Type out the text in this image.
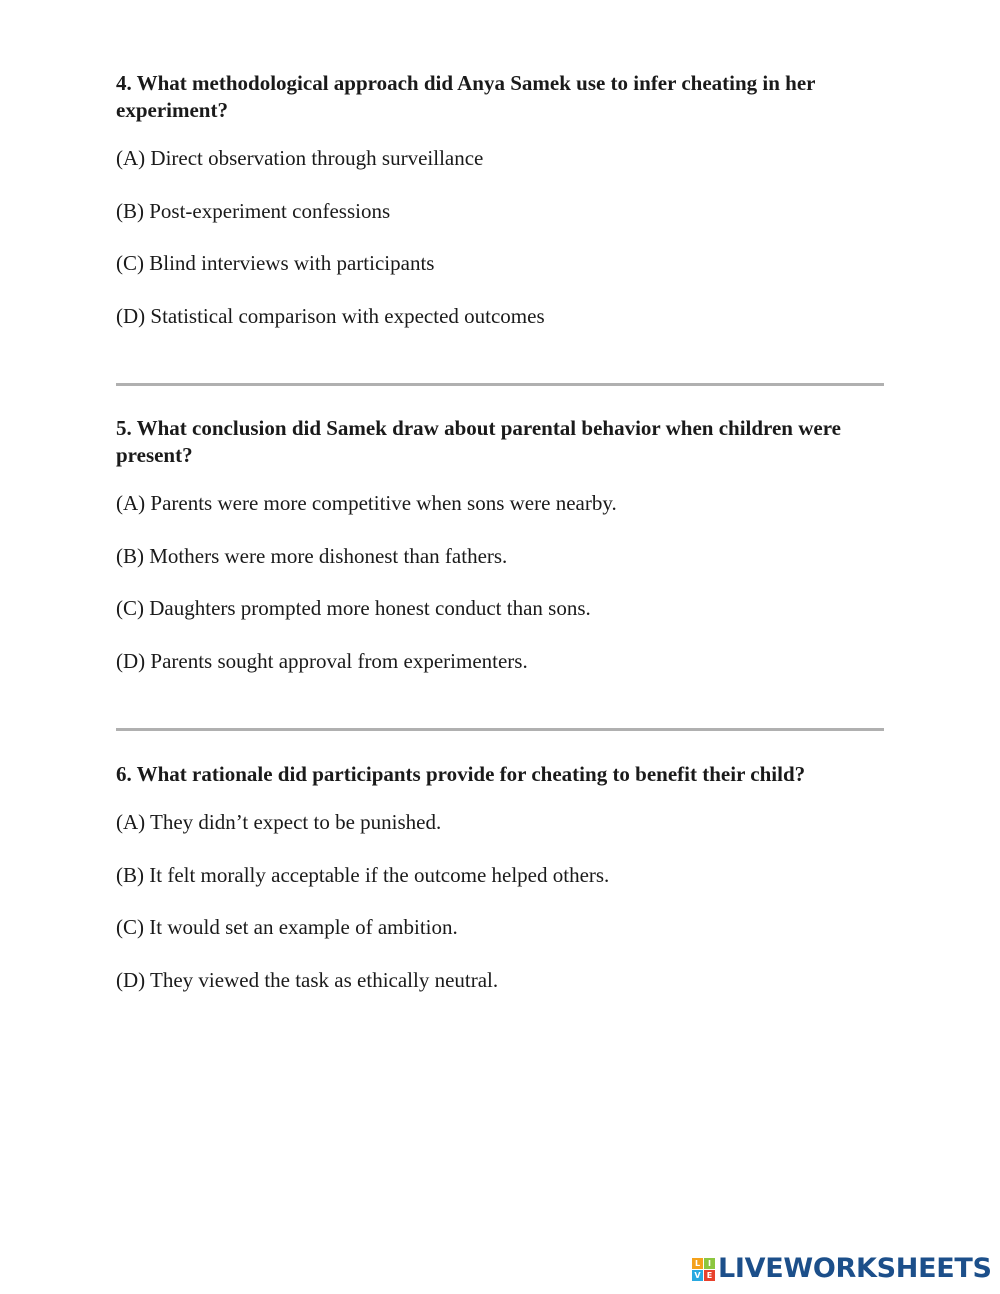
4. What methodological approach did Anya Samek use to infer cheating in her experiment?

(A) Direct observation through surveillance

(B) Post-experiment confessions

(C) Blind interviews with participants

(D) Statistical comparison with expected outcomes

5. What conclusion did Samek draw about parental behavior when children were present?

(A) Parents were more competitive when sons were nearby.

(B) Mothers were more dishonest than fathers.

(C) Daughters prompted more honest conduct than sons.

(D) Parents sought approval from experimenters.

6. What rationale did participants provide for cheating to benefit their child?

(A) They didn’t expect to be punished.

(B) It felt morally acceptable if the outcome helped others.

(C) It would set an example of ambition.

(D) They viewed the task as ethically neutral.

L I
V E LIVEWORKSHEETS
